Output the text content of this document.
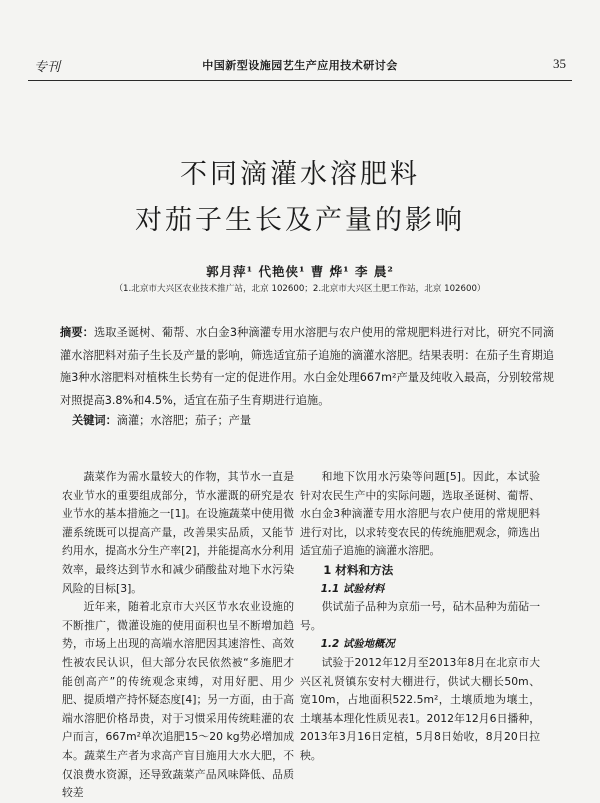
专刊	中国新型设施园艺生产应用技术研讨会	35
不同滴灌水溶肥料
对茄子生长及产量的影响
郭月萍¹ 代艳侠¹ 曹 烨¹ 李 晨²
（1.北京市大兴区农业技术推广站，北京 102600；2.北京市大兴区土肥工作站，北京 102600）
摘要：选取圣诞树、葡帮、水白金3种滴灌专用水溶肥与农户使用的常规肥料进行对比，研究不同滴灌水溶肥料对茄子生长及产量的影响，筛选适宜茄子追施的滴灌水溶肥。结果表明：在茄子生育期追施3种水溶肥料对植株生长势有一定的促进作用。水白金处理667m²产量及纯收入最高，分别较常规对照提高3.8%和4.5%，适宜在茄子生育期进行追施。
关键词：滴灌；水溶肥；茄子；产量

蔬菜作为需水量较大的作物，其节水一直是农业节水的重要组成部分，节水灌溉的研究是农业节水的基本措施之一[1]。在设施蔬菜中使用微灌系统既可以提高产量，改善果实品质，又能节约用水，提高水分生产率[2]，并能提高水分利用效率，最终达到节水和减少硝酸盐对地下水污染风险的目标[3]。

近年来，随着北京市大兴区节水农业设施的不断推广，微灌设施的使用面积也呈不断增加趋势，市场上出现的高端水溶肥因其速溶性、高效性被农民认识，但大部分农民依然被“多施肥才能创高产”的传统观念束缚，对用好肥、用少肥、提质增产持怀疑态度[4]；另一方面，由于高端水溶肥价格昂贵，对于习惯采用传统畦灌的农户而言，667m²单次追肥15～20 kg势必增加成本。蔬菜生产者为求高产盲目施用大水大肥，不仅浪费水资源，还导致蔬菜产品风味降低、品质较差

和地下饮用水污染等问题[5]。因此，本试验针对农民生产中的实际问题，选取圣诞树、葡帮、水白金3种滴灌专用水溶肥与农户使用的常规肥料进行对比，以求转变农民的传统施肥观念，筛选出适宜茄子追施的滴灌水溶肥。

1 材料和方法

1.1 试验材料

供试茄子品种为京茄一号，砧木品种为茄砧一号。

1.2 试验地概况

试验于2012年12月至2013年8月在北京市大兴区礼贤镇东安村大棚进行，供试大棚长50m、宽10m，占地面积522.5m²，土壤质地为壤土，土壤基本理化性质见表1。2012年12月6日播种，2013年3月16日定植，5月8日始收，8月20日拉秧。
